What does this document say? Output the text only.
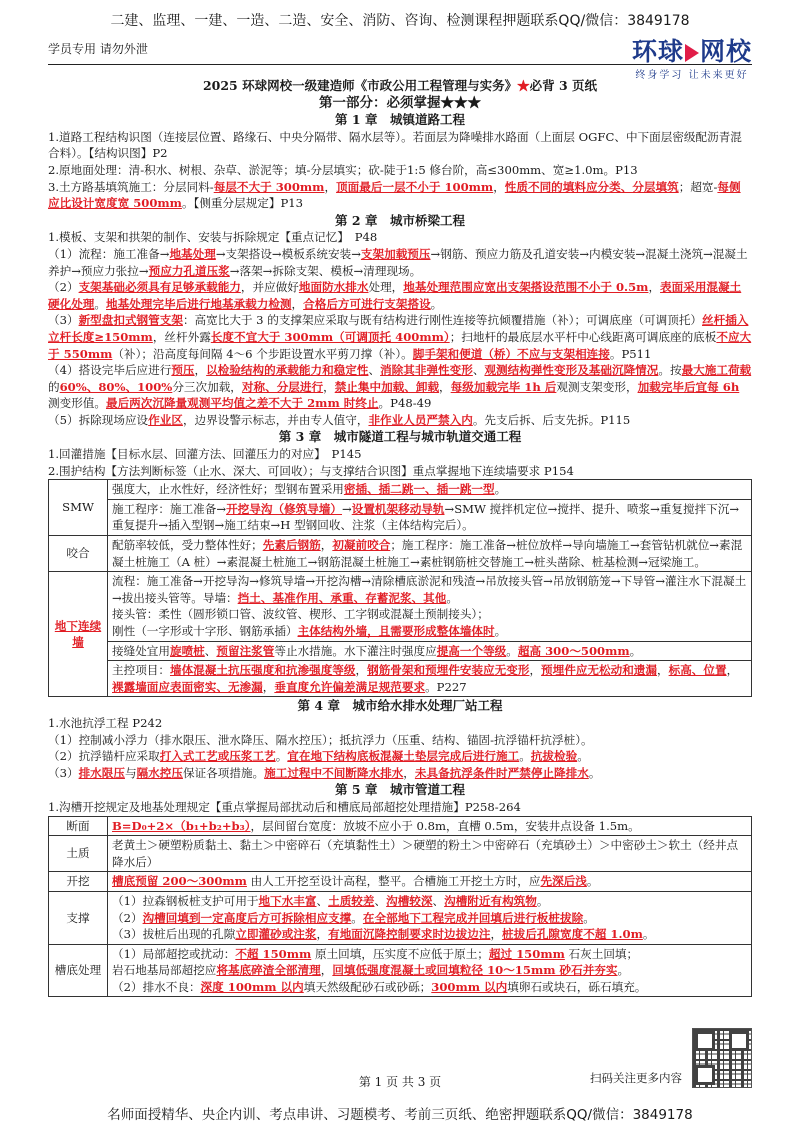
二建、监理、一建、一造、二造、安全、消防、咨询、检测课程押题联系QQ/微信：3849178
学员专用 请勿外泄	环球 网校
终身学习 让未来更好
2025 环球网校一级建造师《市政公用工程管理与实务》★必背 3 页纸
第一部分：必须掌握★★★
第 1 章　城镇道路工程

1.道路工程结构识图（连接层位置、路缘石、中央分隔带、隔水层等）。若面层为降噪排水路面（上面层 OGFC、中下面层密级配沥青混合料）。【结构识图】P2

2.原地面处理：清-积水、树根、杂草、淤泥等；填-分层填实；砍-陡于1:5 修台阶，高≤300mm、宽≥1.0m。P13

3.土方路基填筑施工：分层同料-每层不大于 300mm，顶面最后一层不小于 100mm，性质不同的填料应分类、分层填筑；超宽-每侧应比设计宽度宽 500mm。【侧重分层规定】P13

第 2 章　城市桥梁工程

1.模板、支架和拱架的制作、安装与拆除规定【重点记忆】　P48

（1）流程：施工准备→地基处理→支架搭设→模板系统安装→支架加载预压→钢筋、预应力筋及孔道安装→内模安装→混凝土浇筑→混凝土养护→预应力张拉→预应力孔道压浆→落架→拆除支架、模板→清理现场。

（2）支架基础必须具有足够承载能力，并应做好地面防水排水处理，地基处理范围应宽出支架搭设范围不小于 0.5m，表面采用混凝土硬化处理。地基处理完毕后进行地基承载力检测，合格后方可进行支架搭设。

（3）新型盘扣式钢管支架：高宽比大于 3 的支撑架应采取与既有结构进行刚性连接等抗倾覆措施（补）；可调底座（可调顶托）丝杆插入立杆长度≥150mm，丝杆外露长度不宜大于 300mm（可调顶托 400mm）；扫地杆的最底层水平杆中心线距离可调底座的底板不应大于 550mm（补）；沿高度每间隔 4～6 个步距设置水平剪刀撑（补）。脚手架和便道（桥）不应与支架相连接。P511

（4）搭设完毕后应进行预压，以检验结构的承载能力和稳定性、消除其非弹性变形、观测结构弹性变形及基础沉降情况。按最大施工荷载的60%、80%、100%分三次加载，对称、分层进行，禁止集中加载、卸载，每级加载完毕 1h 后观测支架变形，加载完毕后宜每 6h 测变形值。最后两次沉降量观测平均值之差不大于 2mm 时终止。P48-49

（5）拆除现场应设作业区，边界设警示标志，并由专人值守，非作业人员严禁入内。先支后拆、后支先拆。P115

第 3 章　城市隧道工程与城市轨道交通工程

1.回灌措施【目标水层、回灌方法、回灌压力的对应】　P145

2.围护结构【方法判断标签（止水、深大、可回收）；与支撑结合识图】重点掌握地下连续墙要求 P154

SMW	强度大，止水性好，经济性好；型钢布置采用密插、插二跳一、插一跳一型。
	施工程序：施工准备→开挖导沟（修筑导墙）→设置机架移动导轨→SMW 搅拌机定位→搅拌、提升、喷浆→重复搅拌下沉→重复提升→插入型钢→施工结束→H 型钢回收、注浆（主体结构完后）。
咬合	配筋率较低，受力整体性好；先素后钢筋，初凝前咬合；施工程序：施工准备→桩位放样→导向墙施工→套管钻机就位→素混凝土桩施工（A 桩）→素混凝土桩施工→钢筋混凝土桩施工→素桩钢筋桩交替施工→桩头凿除、桩基检测→冠梁施工。
地下连续墙	流程：施工准备→开挖导沟→修筑导墙→开挖沟槽→清除槽底淤泥和残渣→吊放接头管→吊放钢筋笼→下导管→灌注水下混凝土→拔出接头管等。导墙：挡土、基准作用、承重、存蓄泥浆、其他。
接头管：柔性（圆形锁口管、波纹管、楔形、工字钢或混凝土预制接头）；
刚性（一字形或十字形、钢筋承插）主体结构外墙，且需要形成整体墙体时。
	接缝处宜用旋喷桩、预留注浆管等止水措施。水下灌注时强度应提高一个等级。超高 300～500mm。
	主控项目：墙体混凝土抗压强度和抗渗强度等级，钢筋骨架和预埋件安装应无变形，预埋件应无松动和遗漏，标高、位置，裸露墙面应表面密实、无渗漏，垂直度允许偏差满足规范要求。P227
第 4 章　城市给水排水处理厂站工程

1.水池抗浮工程 P242

（1）控制减小浮力（排水限压、泄水降压、隔水控压）；抵抗浮力（压重、结构、锚固-抗浮锚杆抗浮桩）。

（2）抗浮锚杆应采取打入式工艺或压浆工艺。宜在地下结构底板混凝土垫层完成后进行施工。抗拔检验。

（3）排水限压与隔水控压保证各项措施。施工过程中不间断降水排水，未具备抗浮条件时严禁停止降排水。

第 5 章　城市管道工程

1.沟槽开挖规定及地基处理规定【重点掌握局部扰动后和槽底局部超挖处理措施】P258-264

断面	B=D₀+2×（b₁+b₂+b₃），层间留台宽度：放坡不应小于 0.8m，直槽 0.5m，安装井点设备 1.5m。
土质	老黄土＞硬塑粉质黏土、黏土＞中密碎石（充填黏性土）＞硬塑的粉土＞中密碎石（充填砂土）＞中密砂土＞软土（经井点降水后）
开挖	槽底预留 200～300mm 由人工开挖至设计高程，整平。合槽施工开挖土方时，应先深后浅。
支撑	（1）拉森钢板桩支护可用于地下水丰富、土质较差、沟槽较深、沟槽附近有构筑物。
（2）沟槽回填到一定高度后方可拆除相应支撑。在全部地下工程完成并回填后进行板桩拔除。
（3）拔桩后出现的孔隙立即灌砂或注浆，有地面沉降控制要求时边拔边注，桩拔后孔隙宽度不超 1.0m。
槽底处理	（1）局部超挖或扰动：不超 150mm 原土回填，压实度不应低于原土；超过 150mm 石灰土回填；
岩石地基局部超挖应将基底碎渣全部清理，回填低强度混凝土或回填粒径 10～15mm 砂石并夯实。
（2）排水不良：深度 100mm 以内填天然级配砂石或砂砾；300mm 以内填卵石或块石，砾石填充。
第 1 页 共 3 页	扫码关注更多内容
名师面授精华、央企内训、考点串讲、习题模考、考前三页纸、绝密押题联系QQ/微信：3849178
